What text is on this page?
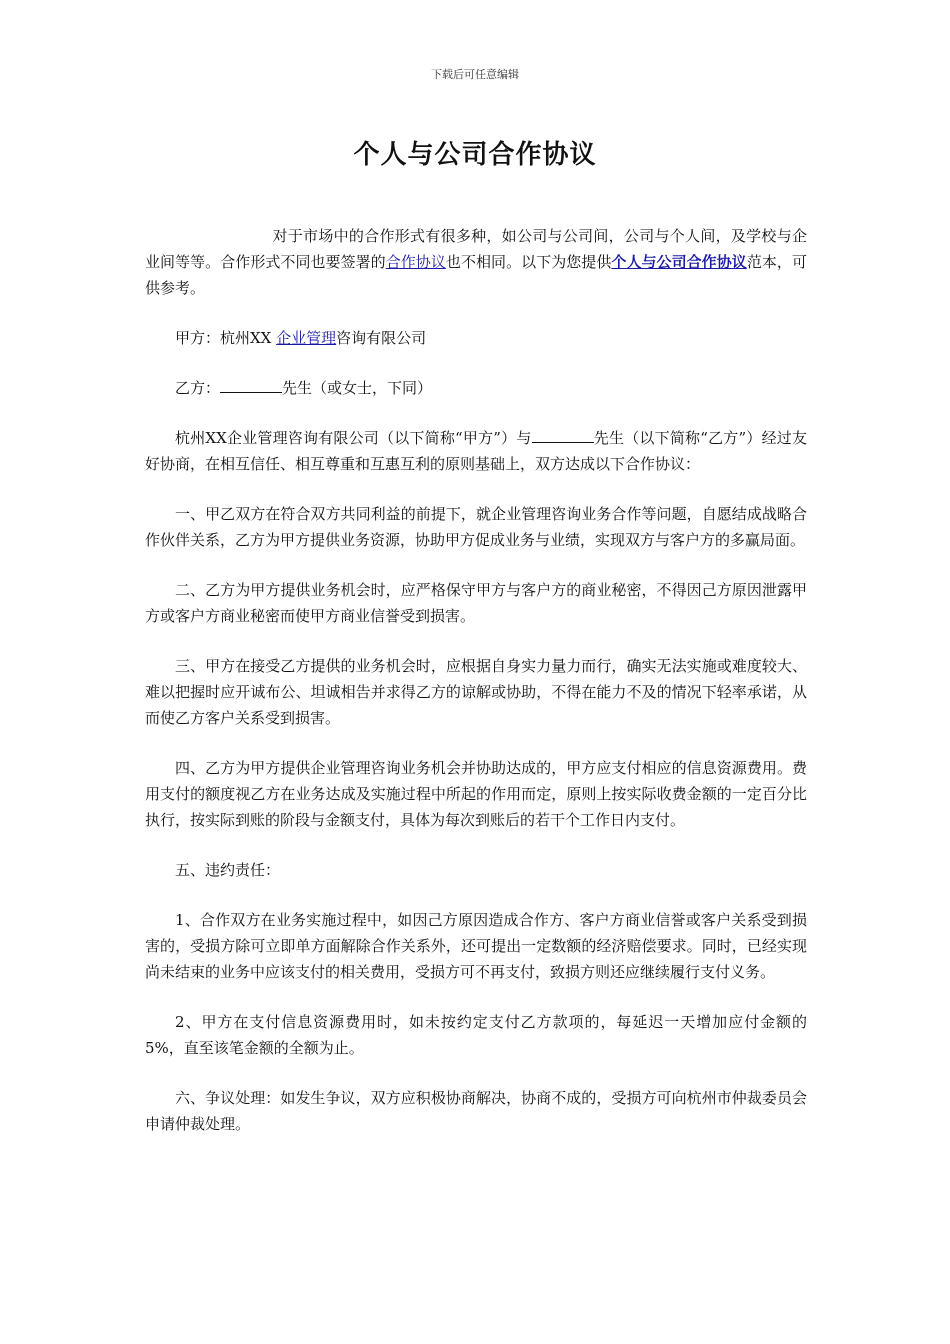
下载后可任意编辑
个人与公司合作协议

对于市场中的合作形式有很多种，如公司与公司间，公司与个人间，及学校与企业间等等。合作形式不同也要签署的合作协议也不相同。以下为您提供个人与公司合作协议范本，可供参考。

甲方：杭州XX 企业管理咨询有限公司

乙方：	先生（或女士，下同）

杭州XX企业管理咨询有限公司（以下简称“甲方”）与	先生（以下简称“乙方”）经过友好协商，在相互信任、相互尊重和互惠互利的原则基础上，双方达成以下合作协议：

一、甲乙双方在符合双方共同利益的前提下，就企业管理咨询业务合作等问题，自愿结成战略合作伙伴关系，乙方为甲方提供业务资源，协助甲方促成业务与业绩，实现双方与客户方的多赢局面。

二、乙方为甲方提供业务机会时，应严格保守甲方与客户方的商业秘密，不得因己方原因泄露甲方或客户方商业秘密而使甲方商业信誉受到损害。

三、甲方在接受乙方提供的业务机会时，应根据自身实力量力而行，确实无法实施或难度较大、难以把握时应开诚布公、坦诚相告并求得乙方的谅解或协助，不得在能力不及的情况下轻率承诺，从而使乙方客户关系受到损害。

四、乙方为甲方提供企业管理咨询业务机会并协助达成的，甲方应支付相应的信息资源费用。费用支付的额度视乙方在业务达成及实施过程中所起的作用而定，原则上按实际收费金额的一定百分比执行，按实际到账的阶段与金额支付，具体为每次到账后的若干个工作日内支付。

五、违约责任：

1、合作双方在业务实施过程中，如因己方原因造成合作方、客户方商业信誉或客户关系受到损害的，受损方除可立即单方面解除合作关系外，还可提出一定数额的经济赔偿要求。同时，已经实现尚未结束的业务中应该支付的相关费用，受损方可不再支付，致损方则还应继续履行支付义务。

2、甲方在支付信息资源费用时，如未按约定支付乙方款项的，每延迟一天增加应付金额的5%，直至该笔金额的全额为止。

六、争议处理：如发生争议，双方应积极协商解决，协商不成的，受损方可向杭州市仲裁委员会申请仲裁处理。
